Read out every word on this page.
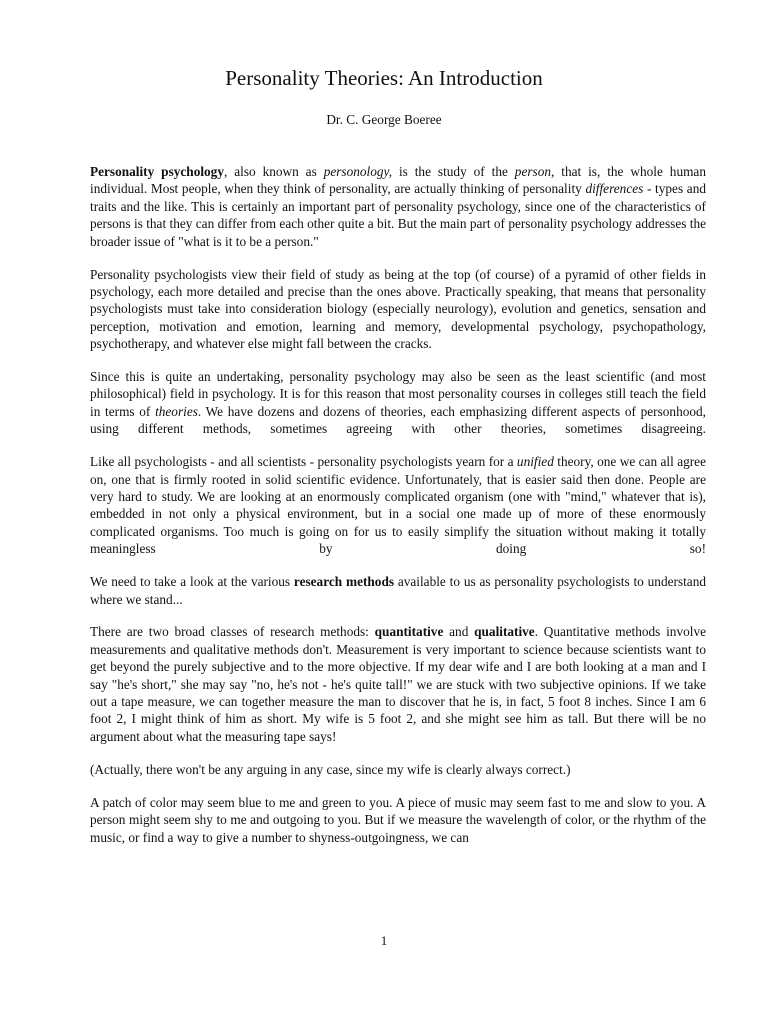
Personality Theories: An Introduction
Dr. C. George Boeree

Personality psychology, also known as personology, is the study of the person, that is, the whole human individual. Most people, when they think of personality, are actually thinking of personality differences - types and traits and the like. This is certainly an important part of personality psychology, since one of the characteristics of persons is that they can differ from each other quite a bit. But the main part of personality psychology addresses the broader issue of "what is it to be a person."

Personality psychologists view their field of study as being at the top (of course) of a pyramid of other fields in psychology, each more detailed and precise than the ones above. Practically speaking, that means that personality psychologists must take into consideration biology (especially neurology), evolution and genetics, sensation and perception, motivation and emotion, learning and memory, developmental psychology, psychopathology, psychotherapy, and whatever else might fall between the cracks.

Since this is quite an undertaking, personality psychology may also be seen as the least scientific (and most philosophical) field in psychology. It is for this reason that most personality courses in colleges still teach the field in terms of theories. We have dozens and dozens of theories, each emphasizing different aspects of personhood, using different methods, sometimes agreeing with other theories, sometimes disagreeing.

Like all psychologists - and all scientists - personality psychologists yearn for a unified theory, one we can all agree on, one that is firmly rooted in solid scientific evidence. Unfortunately, that is easier said then done. People are very hard to study. We are looking at an enormously complicated organism (one with "mind," whatever that is), embedded in not only a physical environment, but in a social one made up of more of these enormously complicated organisms. Too much is going on for us to easily simplify the situation without making it totally meaningless by doing so!

We need to take a look at the various research methods available to us as personality psychologists to understand where we stand...

There are two broad classes of research methods: quantitative and qualitative. Quantitative methods involve measurements and qualitative methods don't. Measurement is very important to science because scientists want to get beyond the purely subjective and to the more objective. If my dear wife and I are both looking at a man and I say "he's short," she may say "no, he's not - he's quite tall!" we are stuck with two subjective opinions. If we take out a tape measure, we can together measure the man to discover that he is, in fact, 5 foot 8 inches. Since I am 6 foot 2, I might think of him as short. My wife is 5 foot 2, and she might see him as tall. But there will be no argument about what the measuring tape says!

(Actually, there won't be any arguing in any case, since my wife is clearly always correct.)

A patch of color may seem blue to me and green to you. A piece of music may seem fast to me and slow to you. A person might seem shy to me and outgoing to you. But if we measure the wavelength of color, or the rhythm of the music, or find a way to give a number to shyness-outgoingness, we can

1
